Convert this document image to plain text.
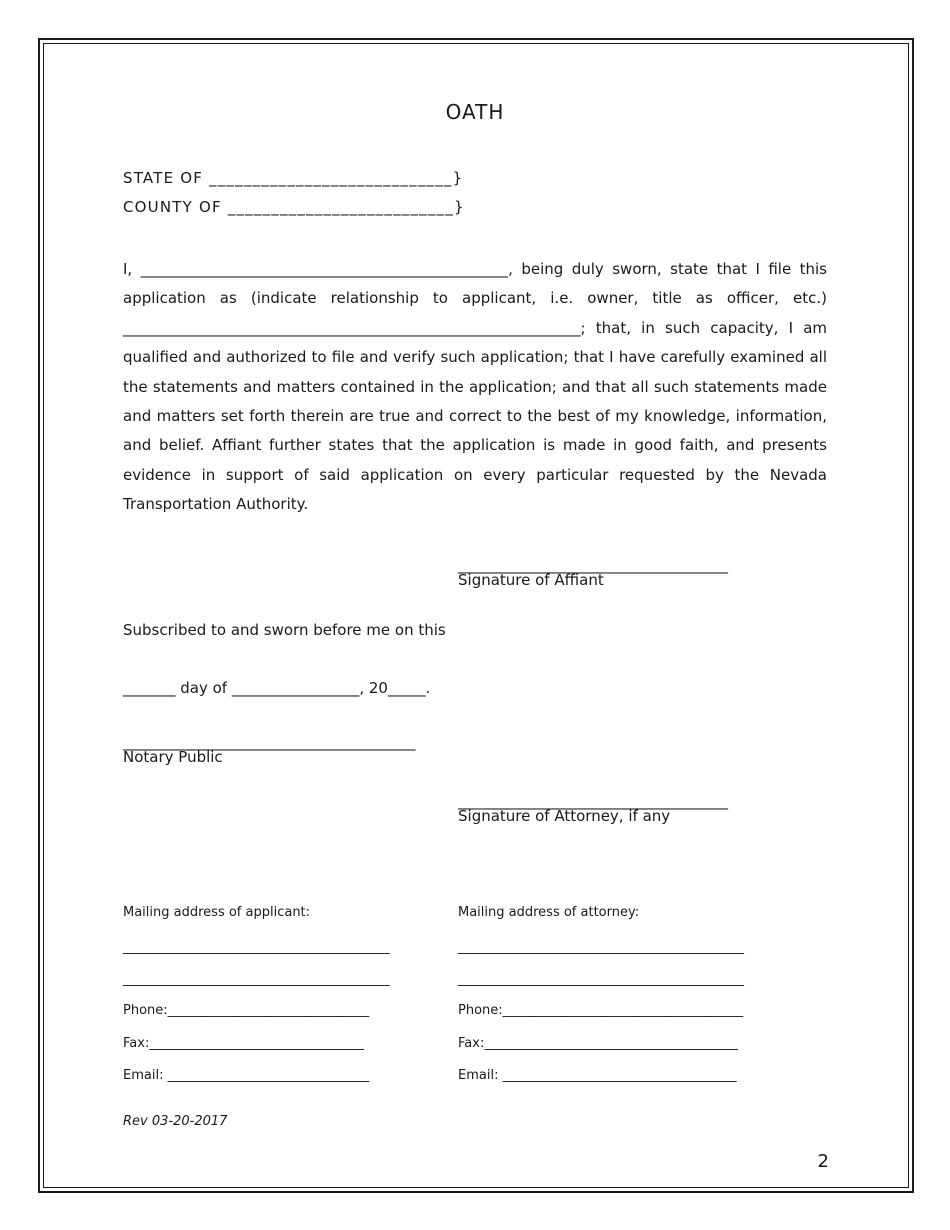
OATH
STATE OF ____________________________}
COUNTY OF __________________________}

I, _________________________________________________, being duly sworn, state that I file this application as (indicate relationship to applicant, i.e. owner, title as officer, etc.) _____________________________________________________________; that, in such capacity, I am qualified and authorized to file and verify such application; that I have carefully examined all the statements and matters contained in the application; and that all such statements made and matters set forth therein are true and correct to the best of my knowledge, information, and belief. Affiant further states that the application is made in good faith, and presents evidence in support of said application on every particular requested by the Nevada Transportation Authority.

____________________________________
Signature of Affiant
Subscribed to and sworn before me on this
_______ day of _________________, 20_____.
_______________________________________
Notary Public
____________________________________
Signature of Attorney, if any
Mailing address of applicant:
_________________________________________
_________________________________________
Phone:_______________________________
Fax:_________________________________
Email: _______________________________
Mailing address of attorney:
____________________________________________
____________________________________________
Phone:_____________________________________
Fax:_______________________________________
Email: ____________________________________
Rev 03-20-2017
2
